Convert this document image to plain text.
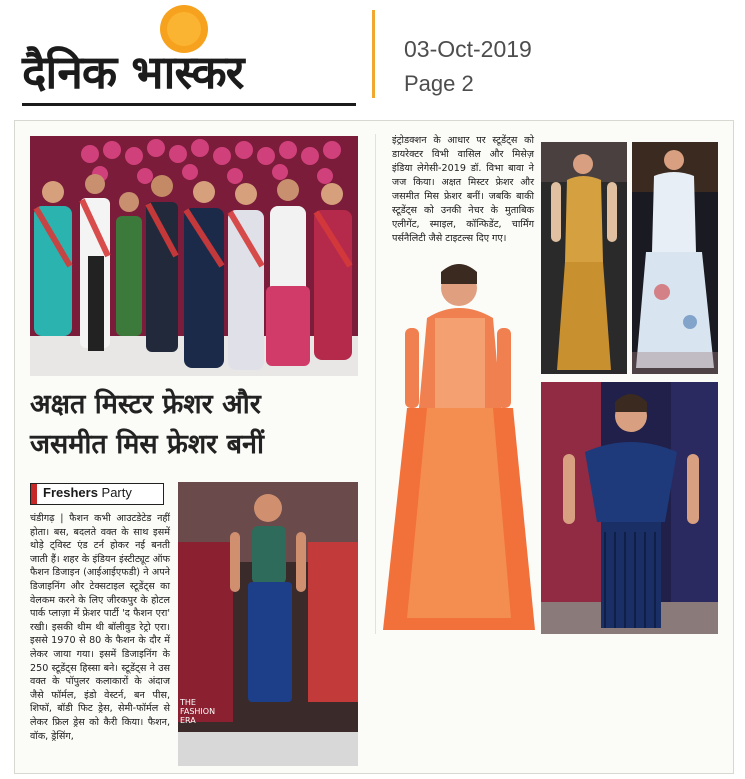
दैनिक भास्कर	03-Oct-2019
Page 2
अक्षत मिस्टर फ्रेशर और
जसमीत मिस फ्रेशर बनीं
Freshers Party
चंडीगढ़ | फैशन कभी आउटडेटेड नहीं होता। बस, बदलते वक्त के साथ इसमें थोड़े ट्विस्ट एंड टर्न होकर नई बनती जाती हैं। शहर के इंडियन इंस्टीट्यूट ऑफ फैशन डिजाइन (आईआईएफडी) ने अपने डिजाइनिंग और टेक्सटाइल स्टूडेंट्स का वेलकम करने के लिए जीरकपुर के होटल पार्क प्लाज़ा में फ्रेशर पार्टी 'द फैशन एरा' रखी। इसकी थीम थी बॉलीवुड रेट्रो एरा। इससे 1970 से 80 के फैशन के दौर में लेकर जाया गया। इसमें डिजाइनिंग के 250 स्टूडेंट्स हिस्सा बने। स्टूडेंट्स ने उस वक्त के पॉपुलर कलाकारों के अंदाज जैसे फॉर्मल, इंडो वेस्टर्न, बन पीस, शिफॉ, बॉडी फिट ड्रेस, सेमी-फॉर्मल से लेकर फ्रिल ड्रेस को कैरी किया। फैशन, वॉक, ड्रेसिंग,
THE FASHION ERA
इंट्रोडक्शन के आधार पर स्टूडेंट्स को डायरेक्टर विभी वासिल और मिसेज़ इंडिया लेगेसी-2019 डॉ. विभा बावा ने जज किया। अक्षत मिस्टर फ्रेशर और जसमीत मिस फ्रेशर बनीं। जबकि बाकी स्टूडेंट्स को उनकी नेचर के मुताबिक एलीगेंट, स्माइल, कॉन्फिडेंट, चार्मिंग पर्सनैलिटी जैसे टाइटल्स दिए गए।
